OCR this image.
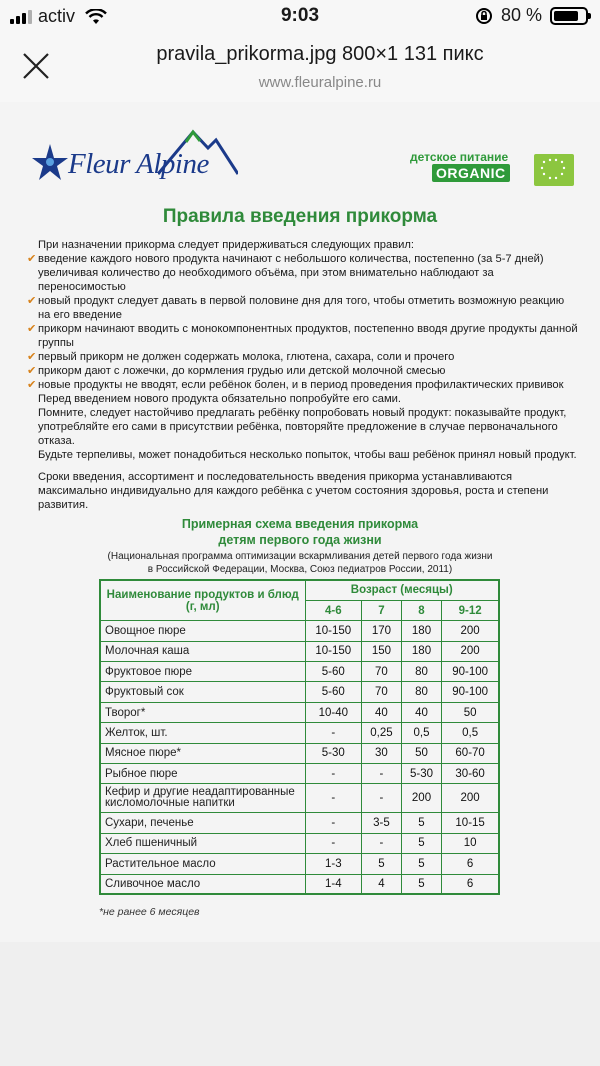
activ	9:03	80 %
pravila_prikorma.jpg 800×1 131 пикс
www.fleuralpine.ru
Fleur Alpine	детское питание
ORGANIC
Правила введения прикорма

При назначении прикорма следует придерживаться следующих правил:

✔ введение каждого нового продукта начинают с небольшого количества, постепенно (за 5-7 дней) увеличивая количество до необходимого объёма, при этом внимательно наблюдают за переносимостью

✔ новый продукт следует давать в первой половине дня для того, чтобы отметить возможную реакцию на его введение

✔ прикорм начинают вводить с монокомпонентных продуктов, постепенно вводя другие продукты данной группы

✔ первый прикорм не должен содержать молока, глютена, сахара, соли и прочего

✔ прикорм дают с ложечки, до кормления грудью или детской молочной смесью

✔ новые продукты не вводят, если ребёнок болен, и в период проведения профилактических прививок

Перед введением нового продукта обязательно попробуйте его сами.

Помните, следует настойчиво предлагать ребёнку попробовать новый продукт: показывайте продукт, употребляйте его сами в присутствии ребёнка, повторяйте предложение в случае первоначального отказа.

Будьте терпеливы, может понадобиться несколько попыток, чтобы ваш ребёнок принял новый продукт.

Сроки введения, ассортимент и последовательность введения прикорма устанавливаются максимально индивидуально для каждого ребёнка с учетом состояния здоровья, роста и степени развития.

Примерная схема введения прикорма
детям первого года жизни
(Национальная программа оптимизации вскармливания детей первого года жизни
в Российской Федерации, Москва, Союз педиатров России, 2011)
Наименование продуктов и блюд (г, мл)	Возраст (месяцы)			
	4-6	7	8	9-12
Овощное пюре	10-150	170	180	200
Молочная каша	10-150	150	180	200
Фруктовое пюре	5-60	70	80	90-100
Фруктовый сок	5-60	70	80	90-100
Творог*	10-40	40	40	50
Желток, шт.	-	0,25	0,5	0,5
Мясное пюре*	5-30	30	50	60-70
Рыбное пюре	-	-	5-30	30-60
Кефир и другие неадаптированные кисломолочные напитки	-	-	200	200
Сухари, печенье	-	3-5	5	10-15
Хлеб пшеничный	-	-	5	10
Растительное масло	1-3	5	5	6
Сливочное масло	1-4	4	5	6
*не ранее 6 месяцев
